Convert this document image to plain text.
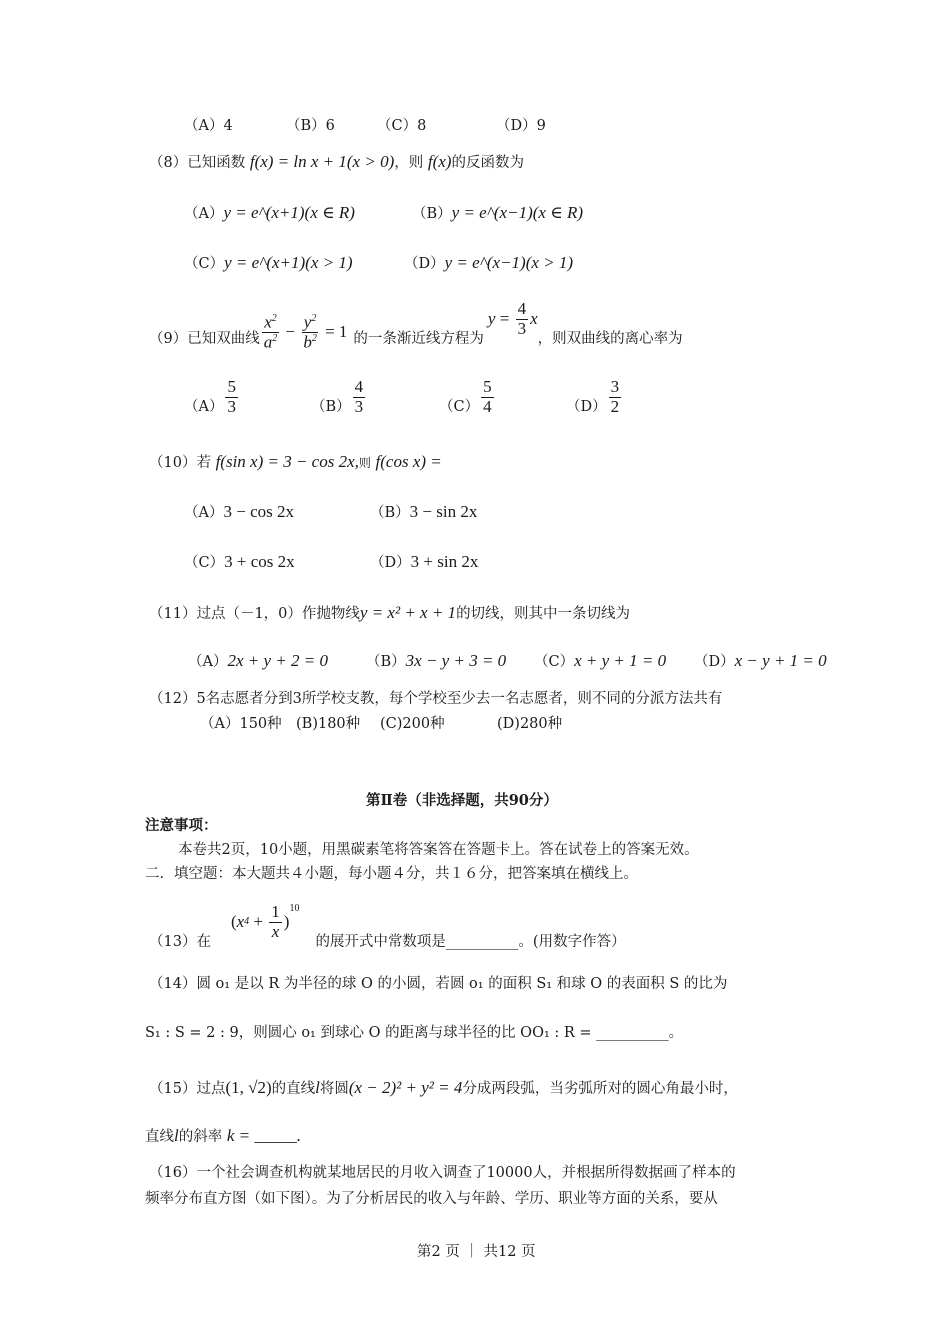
（A）4	（B）6	（C）8	（D）9
（8）已知函数 f(x) = ln x + 1(x > 0)，则 f(x)的反函数为
（A）y = e^(x+1)(x ∈ R)	（B）y = e^(x−1)(x ∈ R)
（C）y = e^(x+1)(x > 1)	（D）y = e^(x−1)(x > 1)
（9）已知双曲线 $\frac{x^2}{a^2} - \frac{y^2}{b^2} = 1$ 的一条渐近线方程为
y =
$\frac{4}{3}$ x
，则双曲线的离心率为
$(A) \frac{5}{3}$	$(B) \frac{4}{3}$	$(C) \frac{5}{4}$	$(D) \frac{3}{2}$
（10）若 f(sin x) = 3 − cos 2x,则 f(cos x) =
（A）3 − cos 2x	（B）3 − sin 2x
（C）3 + cos 2x	（D）3 + sin 2x
（11）过点（－1，0）作抛物线y = x² + x + 1的切线，则其中一条切线为
（A）2x + y + 2 = 0	（B）3x − y + 3 = 0 （C）x + y + 1 = 0 （D）x − y + 1 = 0
（12）5名志愿者分到3所学校支教，每个学校至少去一名志愿者，则不同的分派方法共有
（A）150种 (B)180种 (C)200种	(D)280种
第Ⅱ卷（非选择题，共90分）
注意事项：
本卷共2页，10小题，用黑碳素笔将答案答在答题卡上。答在试卷上的答案无效。
二．填空题：本大题共４小题，每小题４分，共１６分，把答案填在横线上。
（13）在
( x 4
+
$\frac{1}{x}$ )
$^{10}$
的展开式中常数项是__________。(用数字作答）
（14）圆 o₁ 是以 R 为半径的球 O 的小圆，若圆 o₁ 的面积 S₁ 和球 O 的表面积 S 的比为
S₁ : S = 2 : 9，则圆心 o₁ 到球心 O 的距离与球半径的比 OO₁ : R = __________。
（15）过点(1, √2)的直线l将圆(x − 2)² + y² = 4分成两段弧，当劣弧所对的圆心角最小时，
直线l的斜率 k = _____.
（16）一个社会调查机构就某地居民的月收入调查了10000人，并根据所得数据画了样本的
频率分布直方图（如下图）。为了分析居民的收入与年龄、学历、职业等方面的关系，要从
第2 页 ｜ 共12 页
